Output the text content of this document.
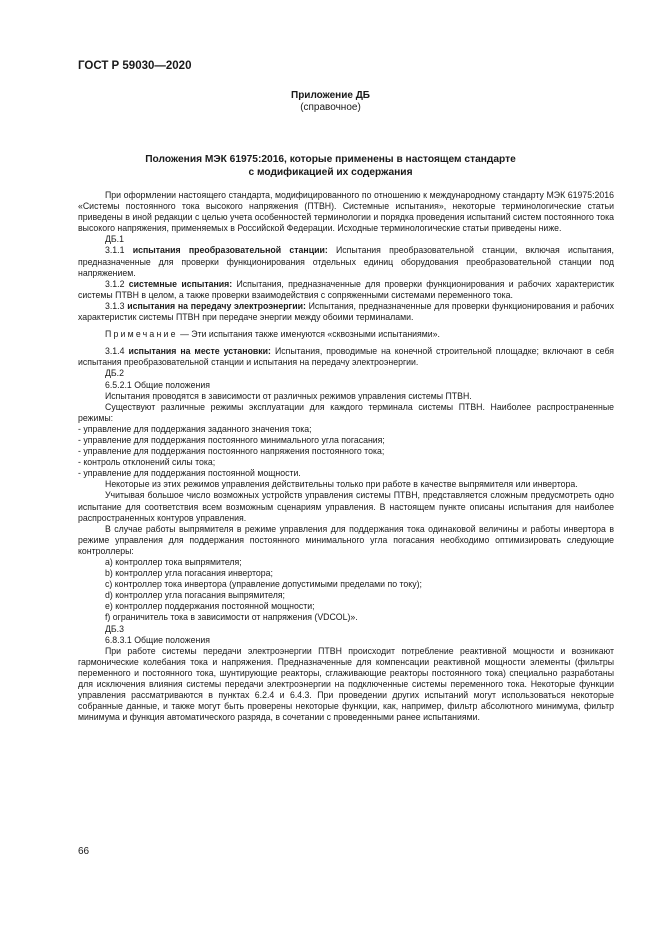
ГОСТ Р 59030—2020
Приложение ДБ
(справочное)
Положения МЭК 61975:2016, которые применены в настоящем стандарте
с модификацией их содержания

При оформлении настоящего стандарта, модифицированного по отношению к международному стандарту МЭК 61975:2016 «Системы постоянного тока высокого напряжения (ПТВН). Системные испытания», некоторые терминологические статьи приведены в иной редакции с целью учета особенностей терминологии и порядка проведения испытаний систем постоянного тока высокого напряжения, применяемых в Российской Федерации. Исходные терминологические статьи приведены ниже.

ДБ.1

3.1.1 испытания преобразовательной станции: Испытания преобразовательной станции, включая испытания, предназначенные для проверки функционирования отдельных единиц оборудования преобразовательной станции под напряжением.

3.1.2 системные испытания: Испытания, предназначенные для проверки функционирования и рабочих характеристик системы ПТВН в целом, а также проверки взаимодействия с сопряженными системами переменного тока.

3.1.3 испытания на передачу электроэнергии: Испытания, предназначенные для проверки функционирования и рабочих характеристик системы ПТВН при передаче энергии между обоими терминалами.

Примечание — Эти испытания также именуются «сквозными испытаниями».

3.1.4 испытания на месте установки: Испытания, проводимые на конечной строительной площадке; включают в себя испытания преобразовательной станции и испытания на передачу электроэнергии.

ДБ.2

6.5.2.1 Общие положения

Испытания проводятся в зависимости от различных режимов управления системы ПТВН.

Существуют различные режимы эксплуатации для каждого терминала системы ПТВН. Наиболее распространенные режимы:

- управление для поддержания заданного значения тока;

- управление для поддержания постоянного минимального угла погасания;

- управление для поддержания постоянного напряжения постоянного тока;

- контроль отклонений силы тока;

- управление для поддержания постоянной мощности.

Некоторые из этих режимов управления действительны только при работе в качестве выпрямителя или инвертора.

Учитывая большое число возможных устройств управления системы ПТВН, представляется сложным предусмотреть одно испытание для соответствия всем возможным сценариям управления. В настоящем пункте описаны испытания для наиболее распространенных контуров управления.

В случае работы выпрямителя в режиме управления для поддержания тока одинаковой величины и работы инвертора в режиме управления для поддержания постоянного минимального угла погасания необходимо оптимизировать следующие контроллеры:

a) контроллер тока выпрямителя;

b) контроллер угла погасания инвертора;

c) контроллер тока инвертора (управление допустимыми пределами по току);

d) контроллер угла погасания выпрямителя;

e) контроллер поддержания постоянной мощности;

f) ограничитель тока в зависимости от напряжения (VDCOL)».

ДБ.3

6.8.3.1 Общие положения

При работе системы передачи электроэнергии ПТВН происходит потребление реактивной мощности и возникают гармонические колебания тока и напряжения. Предназначенные для компенсации реактивной мощности элементы (фильтры переменного и постоянного тока, шунтирующие реакторы, сглаживающие реакторы постоянного тока) специально разработаны для исключения влияния системы передачи электроэнергии на подключенные системы переменного тока. Некоторые функции управления рассматриваются в пунктах 6.2.4 и 6.4.3. При проведении других испытаний могут использоваться некоторые собранные данные, и также могут быть проверены некоторые функции, как, например, фильтр абсолютного минимума, фильтр минимума и функция автоматического разряда, в сочетании с проведенными ранее испытаниями.

66
